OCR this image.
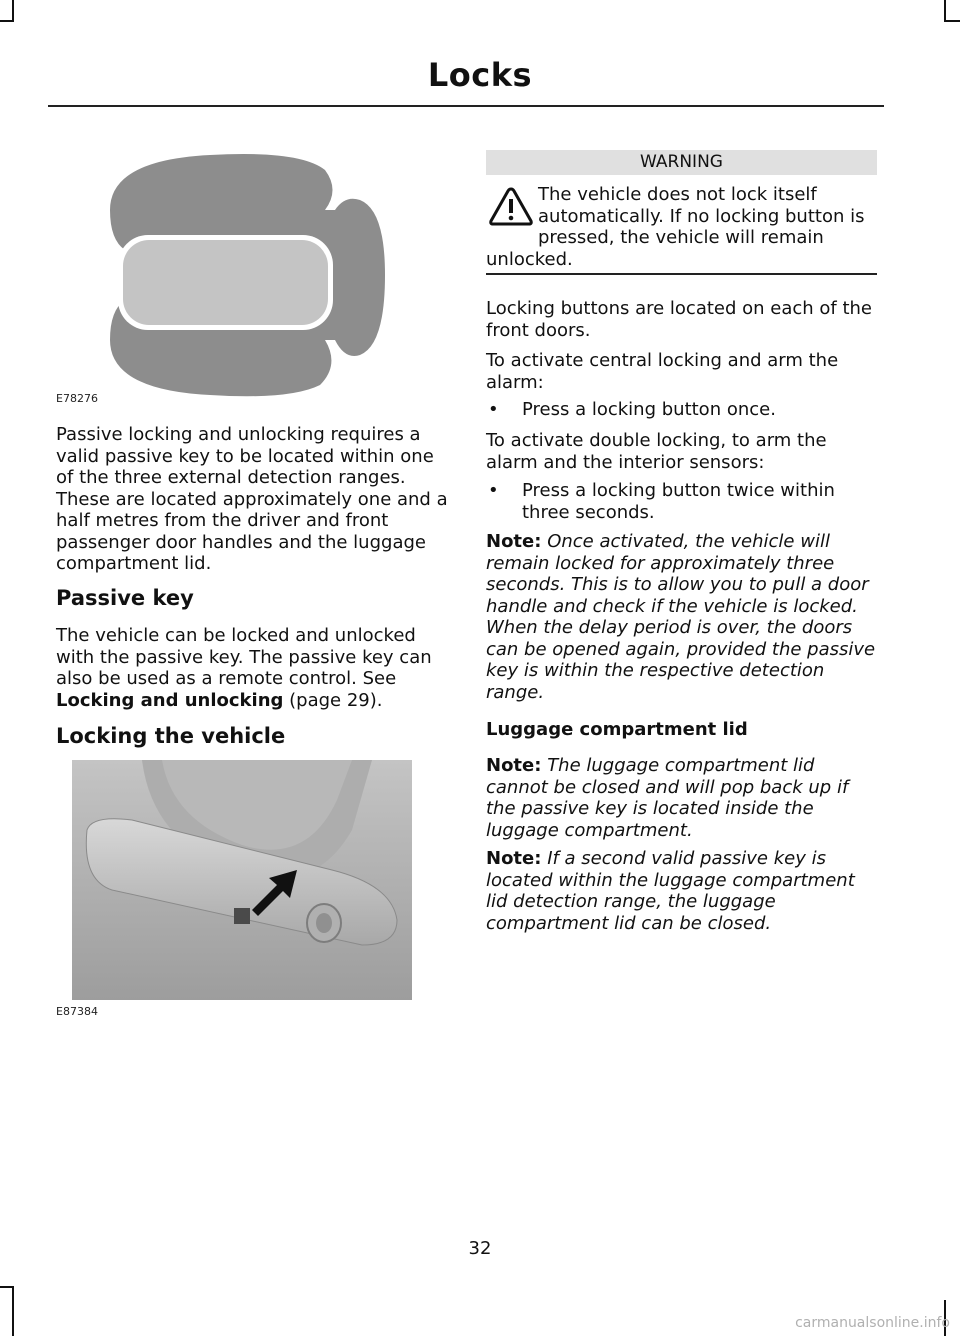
Locks
E78276

Passive locking and unlocking requires a valid passive key to be located within one of the three external detection ranges. These are located approximately one and a half metres from the driver and front passenger door handles and the luggage compartment lid.

Passive key

The vehicle can be locked and unlocked with the passive key. The passive key can also be used as a remote control. See
Locking and unlocking (page 29).

Locking the vehicle
E87384
WARNING

The vehicle does not lock itself automatically. If no locking button is pressed, the vehicle will remain unlocked.

Locking buttons are located on each of the front doors.

To activate central locking and arm the alarm:

•	Press a locking button once.

To activate double locking, to arm the alarm and the interior sensors:

•	Press a locking button twice within three seconds.

Note: Once activated, the vehicle will remain locked for approximately three seconds. This is to allow you to pull a door handle and check if the vehicle is locked. When the delay period is over, the doors can be opened again, provided the passive key is within the respective detection range.

Luggage compartment lid

Note: The luggage compartment lid cannot be closed and will pop back up if the passive key is located inside the luggage compartment.

Note: If a second valid passive key is located within the luggage compartment lid detection range, the luggage compartment lid can be closed.

32
carmanualsonline.info
